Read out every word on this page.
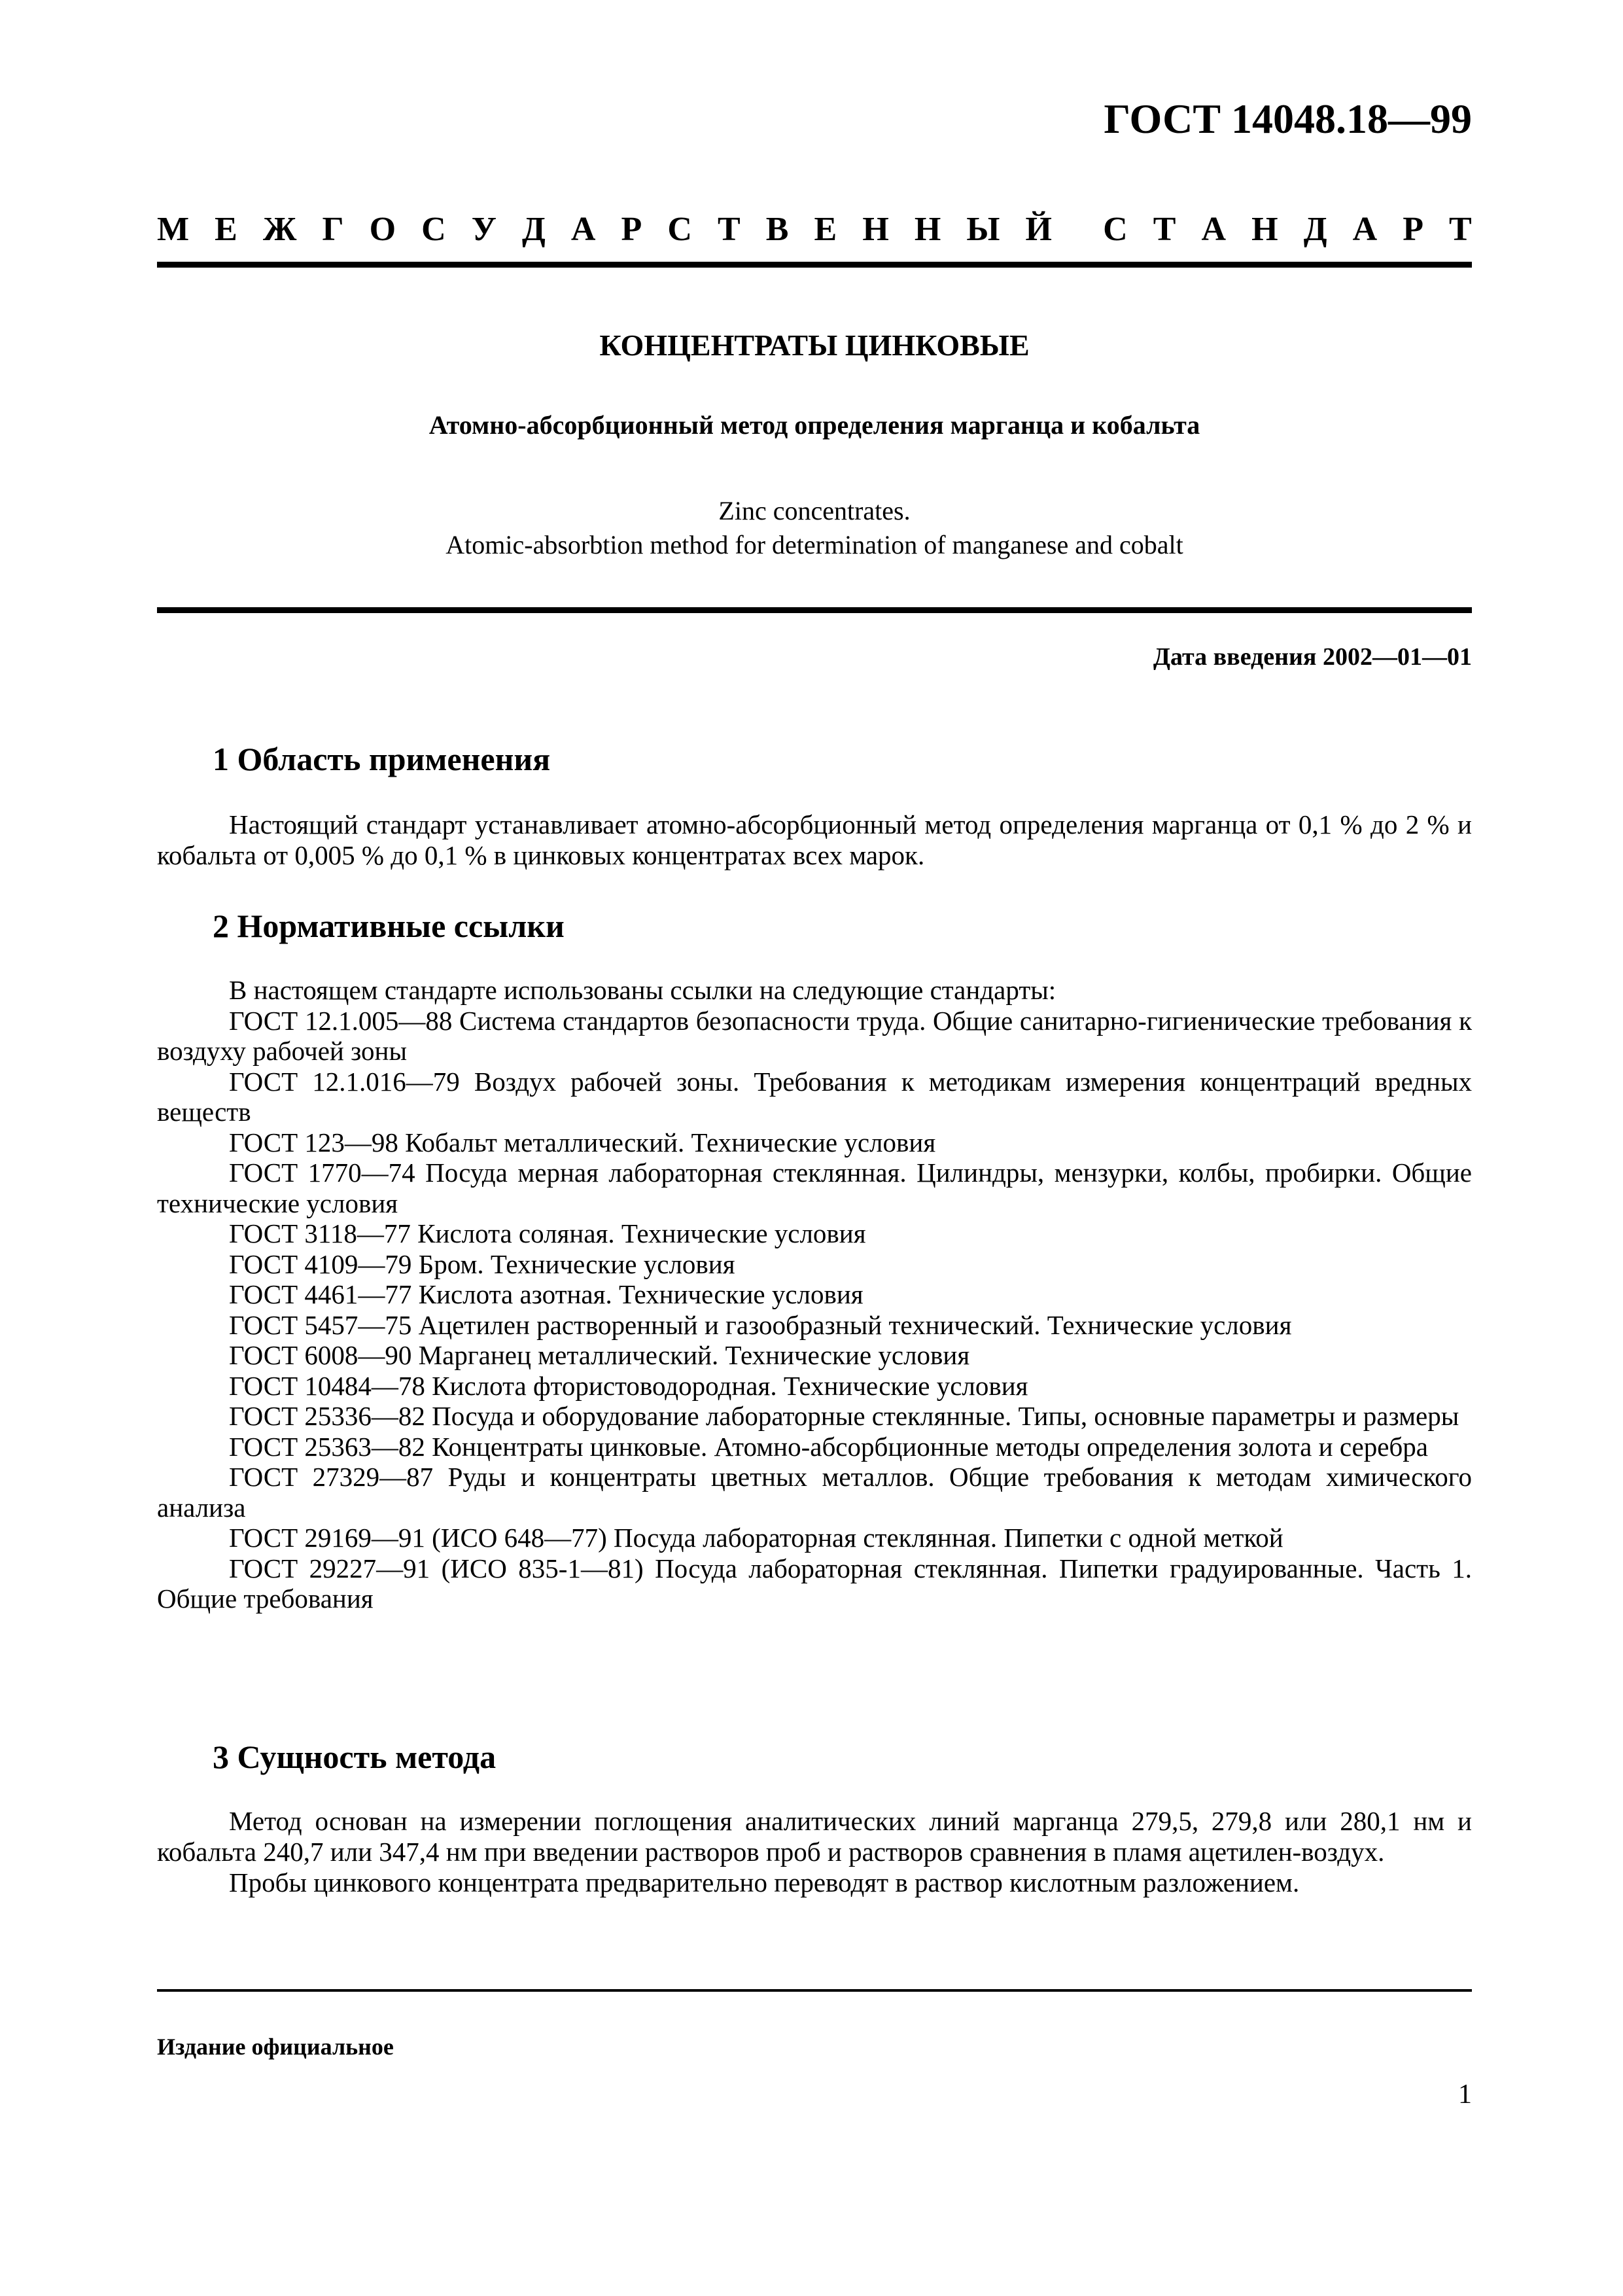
ГОСТ 14048.18—99
М Е Ж Г О С У Д А Р С Т В Е Н Н Ы Й С Т А Н Д А Р Т
КОНЦЕНТРАТЫ ЦИНКОВЫЕ
Атомно-абсорбционный метод определения марганца и кобальта
Zinc concentrates.
Atomic-absorbtion method for determination of manganese and cobalt
Дата введения 2002—01—01
1 Область применения

Настоящий стандарт устанавливает атомно-абсорбционный метод определения марганца от 0,1 % до 2 % и кобальта от 0,005 % до 0,1 % в цинковых концентратах всех марок.

2 Нормативные ссылки

В настоящем стандарте использованы ссылки на следующие стандарты:

ГОСТ 12.1.005—88 Система стандартов безопасности труда. Общие санитарно-гигиенические требования к воздуху рабочей зоны

ГОСТ 12.1.016—79 Воздух рабочей зоны. Требования к методикам измерения концентраций вредных веществ

ГОСТ 123—98 Кобальт металлический. Технические условия

ГОСТ 1770—74 Посуда мерная лабораторная стеклянная. Цилиндры, мензурки, колбы, пробирки. Общие технические условия

ГОСТ 3118—77 Кислота соляная. Технические условия

ГОСТ 4109—79 Бром. Технические условия

ГОСТ 4461—77 Кислота азотная. Технические условия

ГОСТ 5457—75 Ацетилен растворенный и газообразный технический. Технические условия

ГОСТ 6008—90 Марганец металлический. Технические условия

ГОСТ 10484—78 Кислота фтористоводородная. Технические условия

ГОСТ 25336—82 Посуда и оборудование лабораторные стеклянные. Типы, основные параметры и размеры

ГОСТ 25363—82 Концентраты цинковые. Атомно-абсорбционные методы определения золота и серебра

ГОСТ 27329—87 Руды и концентраты цветных металлов. Общие требования к методам химического анализа

ГОСТ 29169—91 (ИСО 648—77) Посуда лабораторная стеклянная. Пипетки с одной меткой

ГОСТ 29227—91 (ИСО 835-1—81) Посуда лабораторная стеклянная. Пипетки градуированные. Часть 1. Общие требования

3 Сущность метода

Метод основан на измерении поглощения аналитических линий марганца 279,5, 279,8 или 280,1 нм и кобальта 240,7 или 347,4 нм при введении растворов проб и растворов сравнения в пламя ацетилен-воздух.

Пробы цинкового концентрата предварительно переводят в раствор кислотным разложением.

Издание официальное
1
